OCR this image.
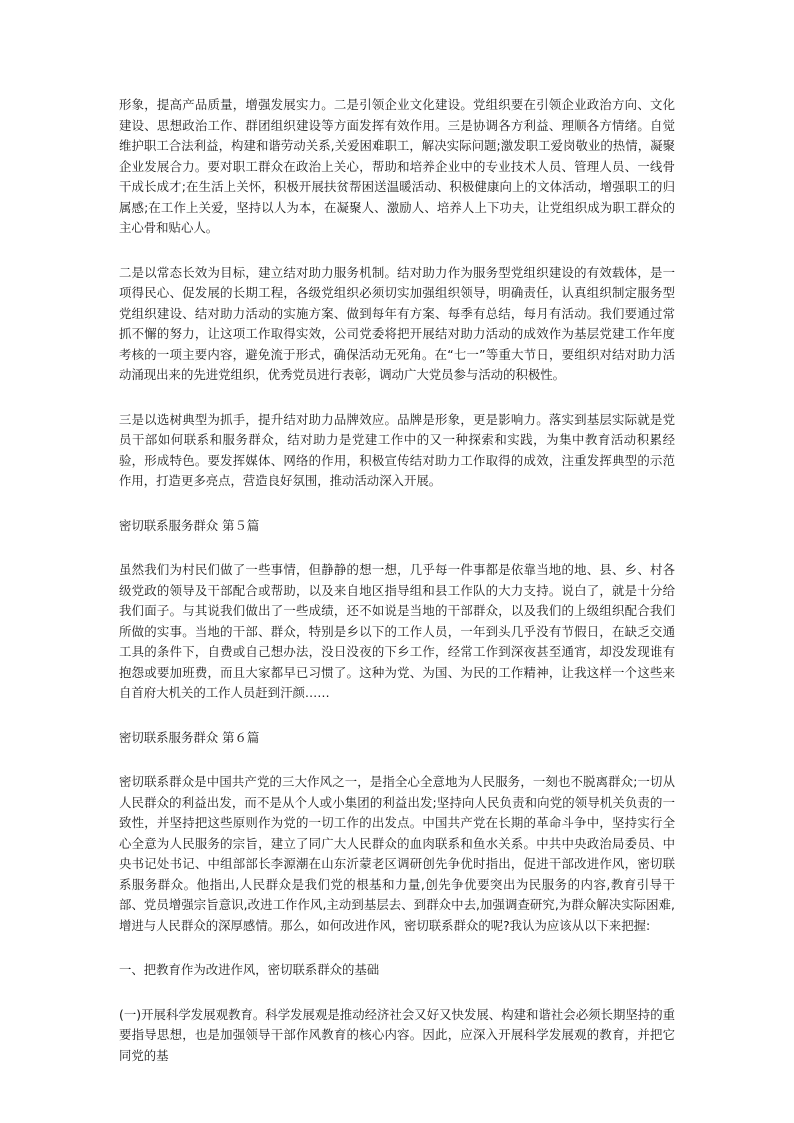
形象，提高产品质量，增强发展实力。二是引领企业文化建设。党组织要在引领企业政治方向、文化建设、思想政治工作、群团组织建设等方面发挥有效作用。三是协调各方利益、理顺各方情绪。自觉维护职工合法利益，构建和谐劳动关系,关爱困难职工，解决实际问题;激发职工爱岗敬业的热情，凝聚企业发展合力。要对职工群众在政治上关心，帮助和培养企业中的专业技术人员、管理人员、一线骨干成长成才;在生活上关怀，积极开展扶贫帮困送温暖活动、积极健康向上的文体活动，增强职工的归属感;在工作上关爱，坚持以人为本，在凝聚人、激励人、培养人上下功夫，让党组织成为职工群众的主心骨和贴心人。

二是以常态长效为目标，建立结对助力服务机制。结对助力作为服务型党组织建设的有效载体，是一项得民心、促发展的长期工程，各级党组织必须切实加强组织领导，明确责任，认真组织制定服务型党组织建设、结对助力活动的实施方案、做到每年有方案、每季有总结，每月有活动。我们要通过常抓不懈的努力，让这项工作取得实效，公司党委将把开展结对助力活动的成效作为基层党建工作年度考核的一项主要内容，避免流于形式，确保活动无死角。在“七一”等重大节日，要组织对结对助力活动涌现出来的先进党组织，优秀党员进行表彰，调动广大党员参与活动的积极性。

三是以选树典型为抓手，提升结对助力品牌效应。品牌是形象，更是影响力。落实到基层实际就是党员干部如何联系和服务群众，结对助力是党建工作中的又一种探索和实践，为集中教育活动积累经验，形成特色。要发挥媒体、网络的作用，积极宣传结对助力工作取得的成效，注重发挥典型的示范作用，打造更多亮点，营造良好氛围，推动活动深入开展。

密切联系服务群众 第５篇

虽然我们为村民们做了一些事情，但静静的想一想，几乎每一件事都是依靠当地的地、县、乡、村各级党政的领导及干部配合或帮助，以及来自地区指导组和县工作队的大力支持。说白了，就是十分给我们面子。与其说我们做出了一些成绩，还不如说是当地的干部群众，以及我们的上级组织配合我们所做的实事。当地的干部、群众，特别是乡以下的工作人员，一年到头几乎没有节假日，在缺乏交通工具的条件下，自费或自己想办法，没日没夜的下乡工作，经常工作到深夜甚至通宵，却没发现谁有抱怨或要加班费，而且大家都早已习惯了。这种为党、为国、为民的工作精神，让我这样一个这些来自首府大机关的工作人员赶到汗颜……

密切联系服务群众 第６篇

密切联系群众是中国共产党的三大作风之一，是指全心全意地为人民服务，一刻也不脱离群众;一切从人民群众的利益出发，而不是从个人或小集团的利益出发;坚持向人民负责和向党的领导机关负责的一致性，并坚持把这些原则作为党的一切工作的出发点。中国共产党在长期的革命斗争中，坚持实行全心全意为人民服务的宗旨，建立了同广大人民群众的血肉联系和鱼水关系。中共中央政治局委员、中央书记处书记、中组部部长李源潮在山东沂蒙老区调研创先争优时指出，促进干部改进作风，密切联系服务群众。他指出,人民群众是我们党的根基和力量,创先争优要突出为民服务的内容,教育引导干部、党员增强宗旨意识,改进工作作风,主动到基层去、到群众中去,加强调查研究,为群众解决实际困难,增进与人民群众的深厚感情。那么，如何改进作风，密切联系群众的呢?我认为应该从以下来把握:

一、把教育作为改进作风，密切联系群众的基础

(一)开展科学发展观教育。科学发展观是推动经济社会又好又快发展、构建和谐社会必须长期坚持的重要指导思想，也是加强领导干部作风教育的核心内容。因此，应深入开展科学发展观的教育，并把它同党的基
